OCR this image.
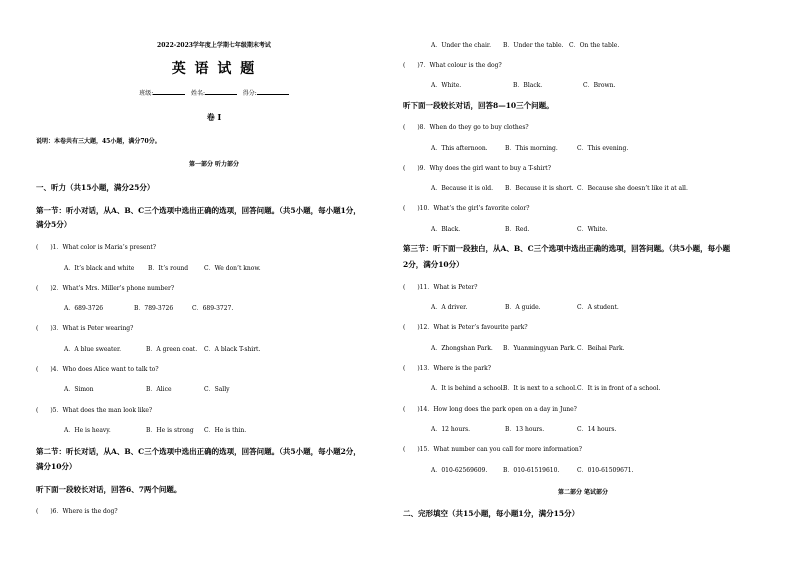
2022-2023学年度上学期七年级期末考试
英 语 试 题
班级:	姓名:	得分:
卷 I
说明：本卷共有三大题，45小题，满分70分。
第一部分 听力部分
一、听力（共15小题，满分25分）
第一节：听小对话，从A、B、C三个选项中选出正确的选项，回答问题。（共5小题，每小题1分，
满分5分）
( )1．What color is Maria’s present?
A．It’s black and white B．It’s round	C．We don’t know.
( )2．What’s Mrs. Miller’s phone number?
A．689-3726	B．789-3726	C．689-3727.
( )3．What is Peter wearing?
A．A blue sweater.	B．A green coat. C．A black T-shirt.
( )4．Who does Alice want to talk to?
A．Simon	B．Alice	C．Sally
( )5．What does the man look like?
A．He is heavy.	B．He is strong C．He is thin.
第二节：听长对话，从A、B、C三个选项中选出正确的选项，回答问题。（共5小题，每小题2分，
满分10分）
听下面一段较长对话，回答6、7两个问题。
( )6．Where is the dog?
A．Under the chair. B．Under the table. C．On the table.
( )7．What colour is the dog?
A．White.	B．Black.	C．Brown.
听下面一段较长对话，回答8—10三个问题。
( )8．When do they go to buy clothes?
A．This afternoon.	B．This morning.	C．This evening.
( )9．Why does the girl want to buy a T-shirt?
A．Because it is old. B．Because it is short. C．Because she doesn’t like it at all.
( )10．What’s the girl’s favorite color?
A．Black.	B．Red.	C．White.
第三节：听下面一段独白，从A、B、C三个选项中选出正确的选项，回答问题。（共5小题，每小题
2分，满分10分）
( )11．What is Peter?
A．A driver.	B．A guide.	C．A student.
( )12．What is Peter’s favourite park?
A．Zhongshan Park. B．Yuanmingyuan Park.C．Beihai Park.
( )13．Where is the park?
A．It is behind a school.B．It is next to a school.C．It is in front of a school.
( )14．How long does the park open on a day in June?
A．12 hours.	B．13 hours.	C．14 hours.
( )15．What number can you call for more information?
A．010-62569609.	B．010-61519610.	C．010-61509671.
第二部分 笔试部分
二、完形填空（共15小题，每小题1分，满分15分）
